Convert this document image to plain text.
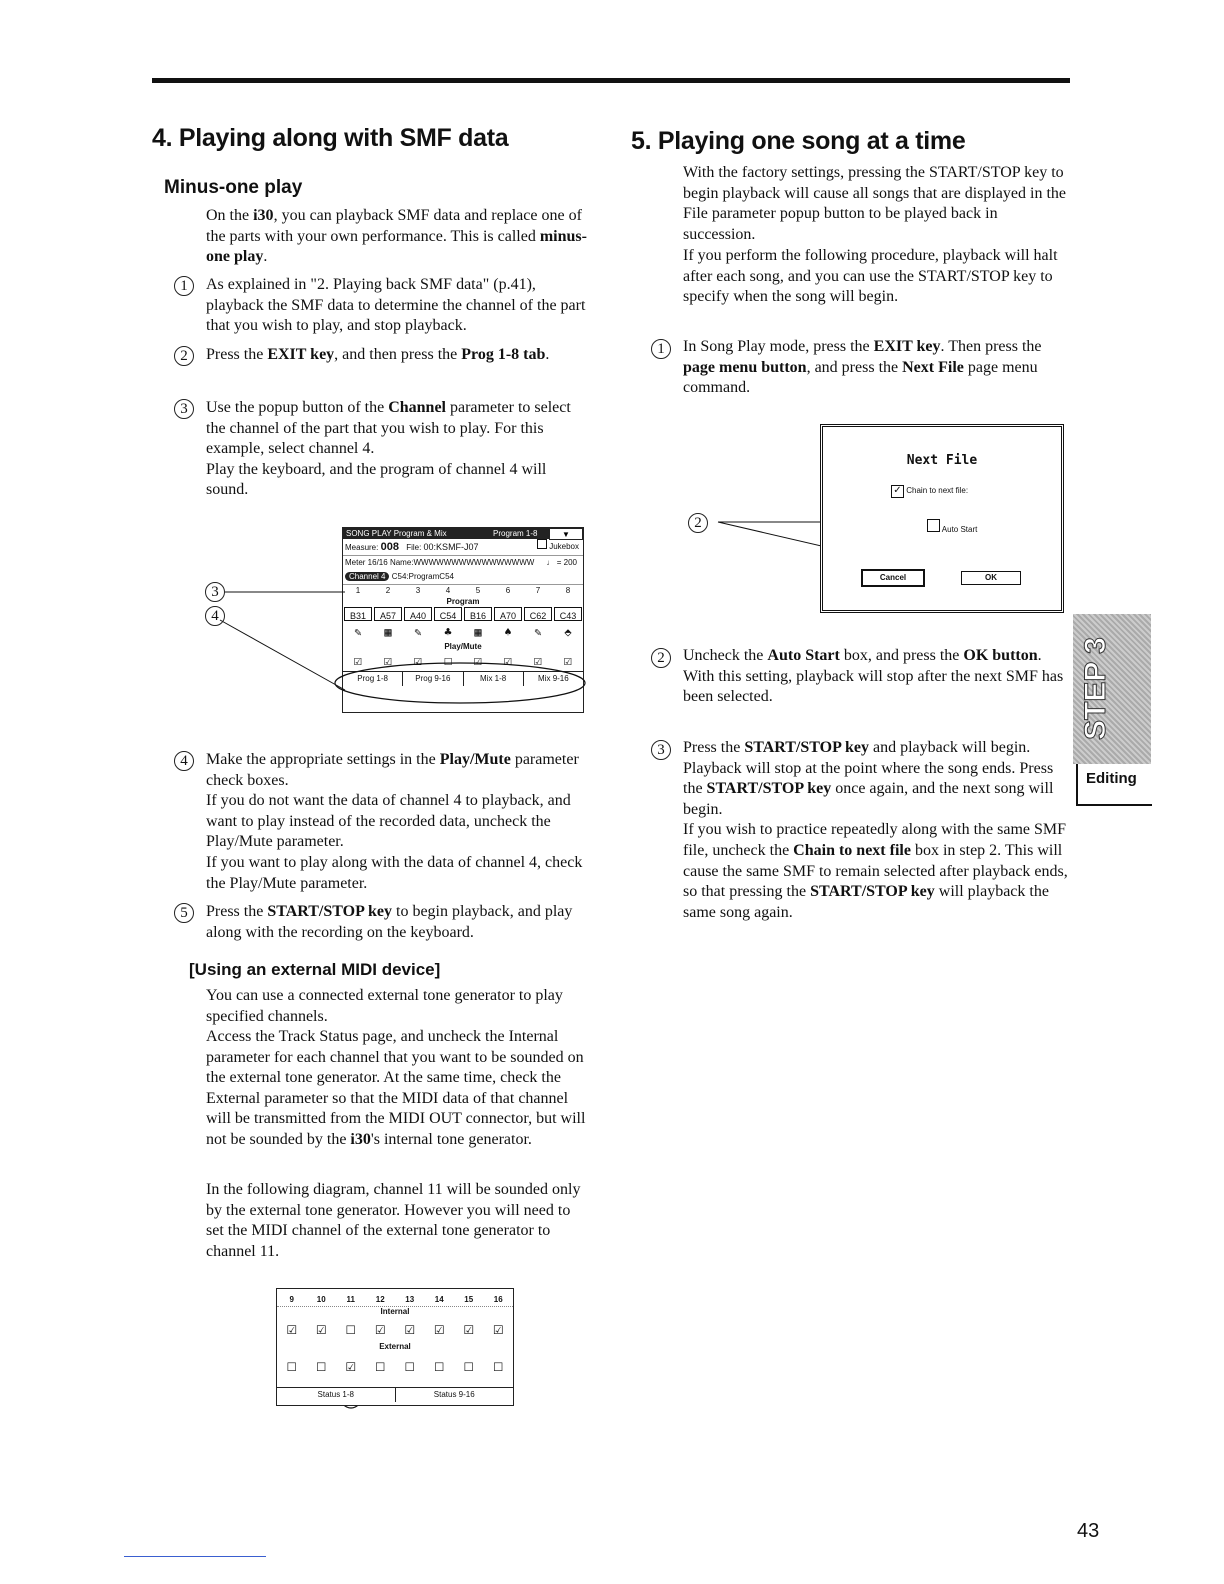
4. Playing along with SMF data
Minus-one play

On the i30, you can playback SMF data and replace one of the parts with your own performance. This is called minus-one play.

1	As explained in "2. Playing back SMF data" (p.41), playback the SMF data to determine the channel of the part that you wish to play, and stop playback.

2	Press the EXIT key, and then press the Prog 1-8 tab.

3	Use the popup button of the Channel parameter to select the channel of the part that you wish to play. For this example, select channel 4.
Play the keyboard, and the program of channel 4 will sound.

SONG PLAY Program & Mix	Program 1-8	▼
Measure: 008 File: 00:KSMF-J07	Jukebox
Meter 16/16 Name:WWWWWWWWWWWWWWWW ♩ = 200
Channel 4 C54:ProgramC54
1	2	3	4	5	6	7	8
Program
B31	A57	A40	C54	B16	A70	C62	C43
✎ ▦ ✎ ♣ ▦ ♠ ✎ ⬘
Play/Mute
☑	☑	☑	☐	☑	☑	☑	☑
Prog 1-8	Prog 9-16	Mix 1-8	Mix 9-16
3
4
4	Make the appropriate settings in the Play/Mute parameter check boxes.
If you do not want the data of channel 4 to playback, and want to play instead of the recorded data, uncheck the Play/Mute parameter.
If you want to play along with the data of channel 4, check the Play/Mute parameter.

5	Press the START/STOP key to begin playback, and play along with the recording on the keyboard.

[Using an external MIDI device]

You can use a connected external tone generator to play specified channels.

Access the Track Status page, and uncheck the Internal parameter for each channel that you want to be sounded on the external tone generator. At the same time, check the External parameter so that the MIDI data of that channel will be transmitted from the MIDI OUT connector, but will not be sounded by the i30's internal tone generator.

In the following diagram, channel 11 will be sounded only by the external tone generator. However you will need to set the MIDI channel of the external tone generator to channel 11.

9	10	11	12	13	14	15	16
Internal
☑	☑	☐	☑	☑	☑	☑	☑
External
☐	☐	☑	☐	☐	☐	☐	☐
Status 1-8	Status 9-16
5. Playing one song at a time

With the factory settings, pressing the START/STOP key to begin playback will cause all songs that are displayed in the File parameter popup button to be played back in succession.

If you perform the following procedure, playback will halt after each song, and you can use the START/STOP key to specify when the song will begin.

1	In Song Play mode, press the EXIT key. Then press the page menu button, and press the Next File page menu command.

Next File
✓ Chain to next file:
Auto Start
Cancel	OK
2
2	Uncheck the Auto Start box, and press the OK button.
With this setting, playback will stop after the next SMF has been selected.

3	Press the START/STOP key and playback will begin. Playback will stop at the point where the song ends. Press the START/STOP key once again, and the next song will begin.
If you wish to practice repeatedly along with the same SMF file, uncheck the Chain to next file box in step 2. This will cause the same SMF to remain selected after playback ends, so that pressing the START/STOP key will playback the same song again.

STEP 3
Editing
43
